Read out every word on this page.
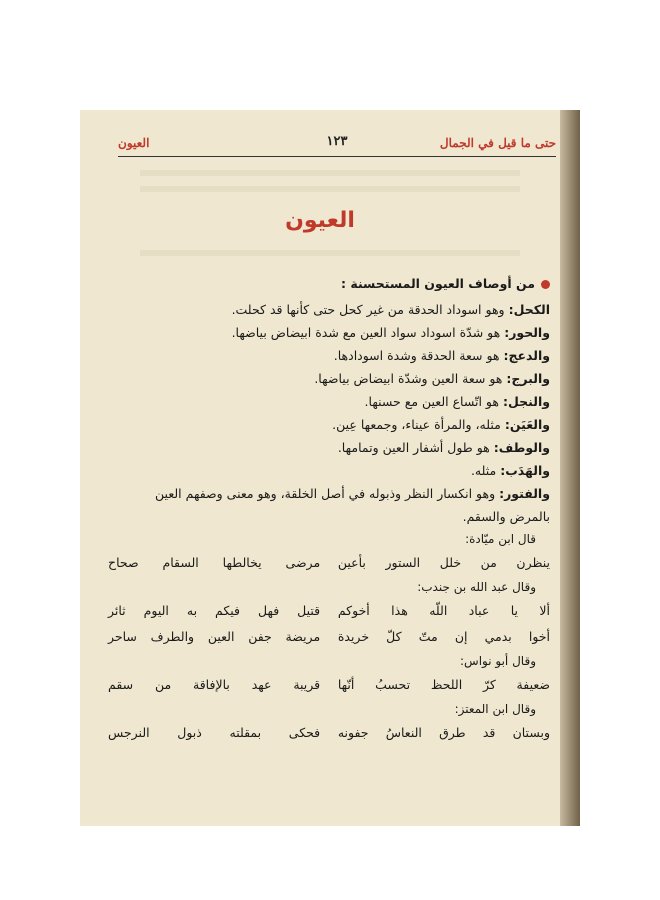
حتى ما قيل في الجمال
١٢٣
العيون
العيون
من أوصاف العيون المستحسنة :
الكحل: وهو اسوداد الحدقة من غير كحل حتى كأنها قد كحلت.
والحور: هو شدّة اسوداد سواد العين مع شدة ابيضاض بياضها.
والدعج: هو سعة الحدقة وشدة اسودادها.
والبرج: هو سعة العين وشدّة ابيضاض بياضها.
والنجل: هو اتّساع العين مع حسنها.
والعَيَن: مثله، والمرأة عيناء، وجمعها عِين.
والوطف: هو طول أشفار العين وتمامها.
والهَدَب: مثله.
والفتور: وهو انكسار النظر وذبوله في أصل الخلقة، وهو معنى وصفهم العين
بالمرض والسقم.
قال ابن ميّادة:
ينظرن من خلل الستور بأعين
مرضى يخالطها السقام صحاح
وقال عبد الله بن جندب:
ألا يا عباد اللّه هذا أخوكم
قتيل فهل فيكم به اليوم ثائر
أخوا بدمي إن متّ كلّ خريدة
مريضة جفن العين والطرف ساحر
وقال أبو نواس:
ضعيفة كرّ اللحظ تحسبُ أنّها
قريبة عهد بالإفاقة من سقم
وقال ابن المعتز:
وبستان قد طرق النعاسُ جفونه
فحكى بمقلته ذبول النرجس
